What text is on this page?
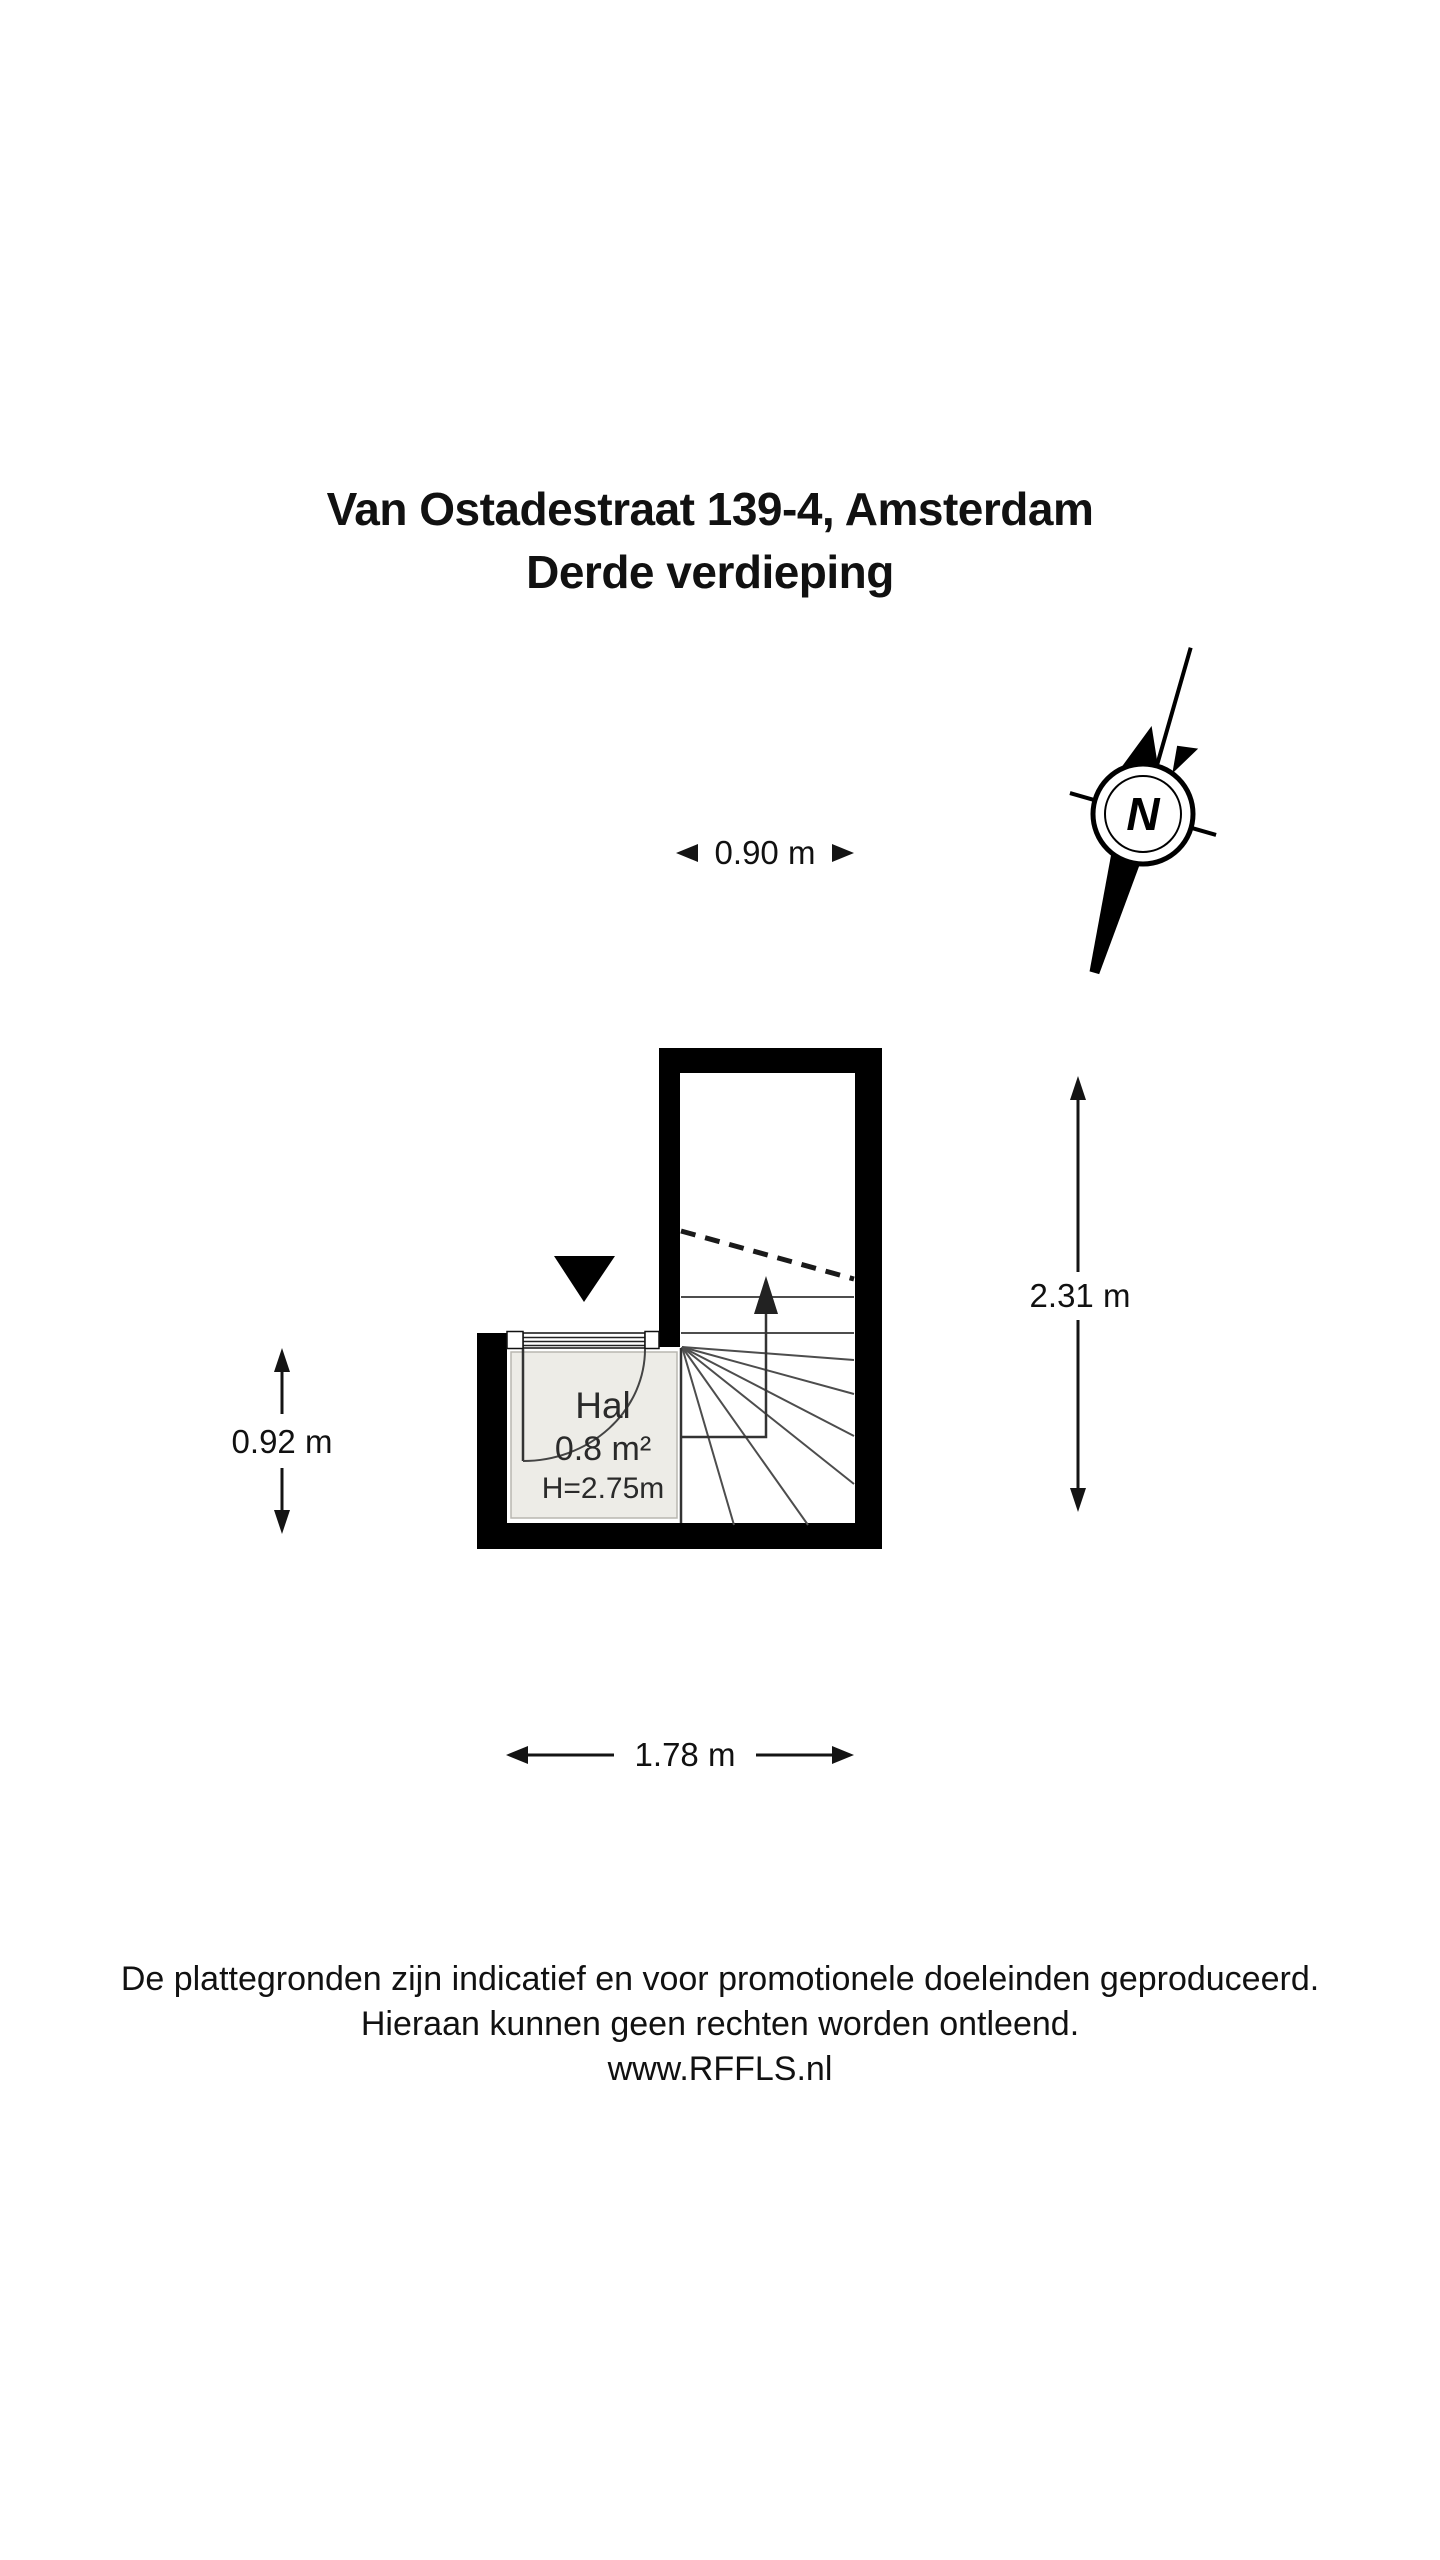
Van Ostadestraat 139-4, Amsterdam
Derde verdieping
N
0.90 m
0.92 m
2.31 m
1.78 m
Hal
0.8 m²
H=2.75m
De plattegronden zijn indicatief en voor promotionele doeleinden geproduceerd.
Hieraan kunnen geen rechten worden ontleend.
www.RFFLS.nl
